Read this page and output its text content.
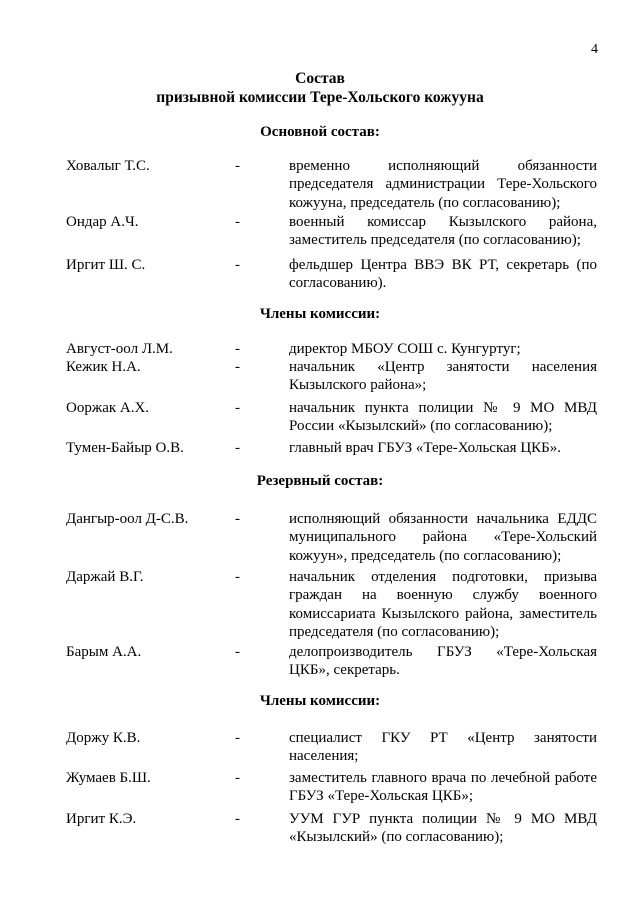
4
Состав
призывной комиссии Тере-Хольского кожууна
Основной состав:
Ховалыг Т.С.	-	временно исполняющий обязанности председателя администрации Тере-Хольского кожууна, председатель (по согласованию);
Ондар А.Ч.	-	военный комиссар Кызылского района, заместитель председателя (по согласованию);
Иргит Ш. С.	-	фельдшер Центра ВВЭ ВК РТ, секретарь (по согласованию).
Члены комиссии:
Август-оол Л.М.	-	директор МБОУ СОШ с. Кунгуртуг;
Кежик Н.А.	-	начальник «Центр занятости населения Кызылского района»;
Ооржак А.Х.	-	начальник пункта полиции № 9 МО МВД России «Кызылский» (по согласованию);
Тумен-Байыр О.В.	-	главный врач ГБУЗ «Тере-Хольская ЦКБ».
Резервный состав:
Дангыр-оол Д-С.В.	-	исполняющий обязанности начальника ЕДДС муниципального района «Тере-Хольский кожуун», председатель (по согласованию);
Даржай В.Г.	-	начальник отделения подготовки, призыва граждан на военную службу военного комиссариата Кызылского района, заместитель председателя (по согласованию);
Барым А.А.	-	делопроизводитель ГБУЗ «Тере-Хольская ЦКБ», секретарь.
Члены комиссии:
Доржу К.В.	-	специалист ГКУ РТ «Центр занятости населения;
Жумаев Б.Ш.	-	заместитель главного врача по лечебной работе ГБУЗ «Тере-Хольская ЦКБ»;
Иргит К.Э.	-	УУМ ГУР пункта полиции № 9 МО МВД «Кызылский» (по согласованию);
